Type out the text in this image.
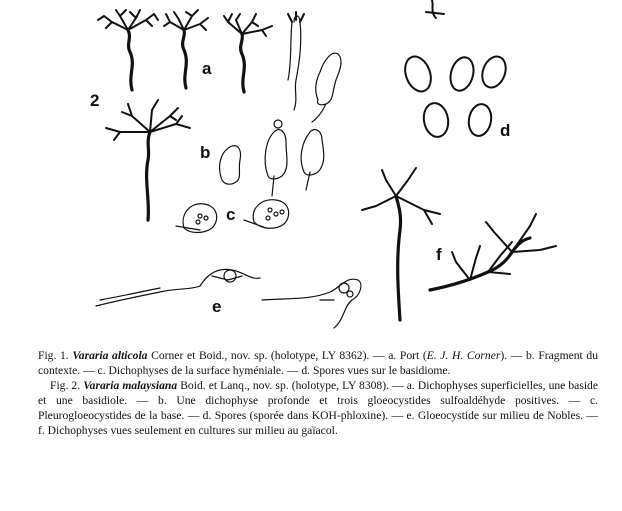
2
a
d
b
c
e
f

Fig. 1. Vararia alticola Corner et Boid., nov. sp. (holotype, LY 8362). — a. Port (E. J. H. Corner). — b. Fragment du contexte. — c. Dichophyses de la surface hyméniale. — d. Spores vues sur le basidiome.

Fig. 2. Vararia malaysiana Boid. et Lanq., nov. sp. (holotype, LY 8308). — a. Dichophyses superficielles, une baside et une basidiole. — b. Une dichophyse profonde et trois gloeocystides sulfoaldéhyde positives. — c. Pleurogloeocystides de la base. — d. Spores (sporée dans KOH-phloxine). — e. Gloeocystide sur milieu de Nobles. — f. Dichophyses vues seulement en cultures sur milieu au gaïacol.
